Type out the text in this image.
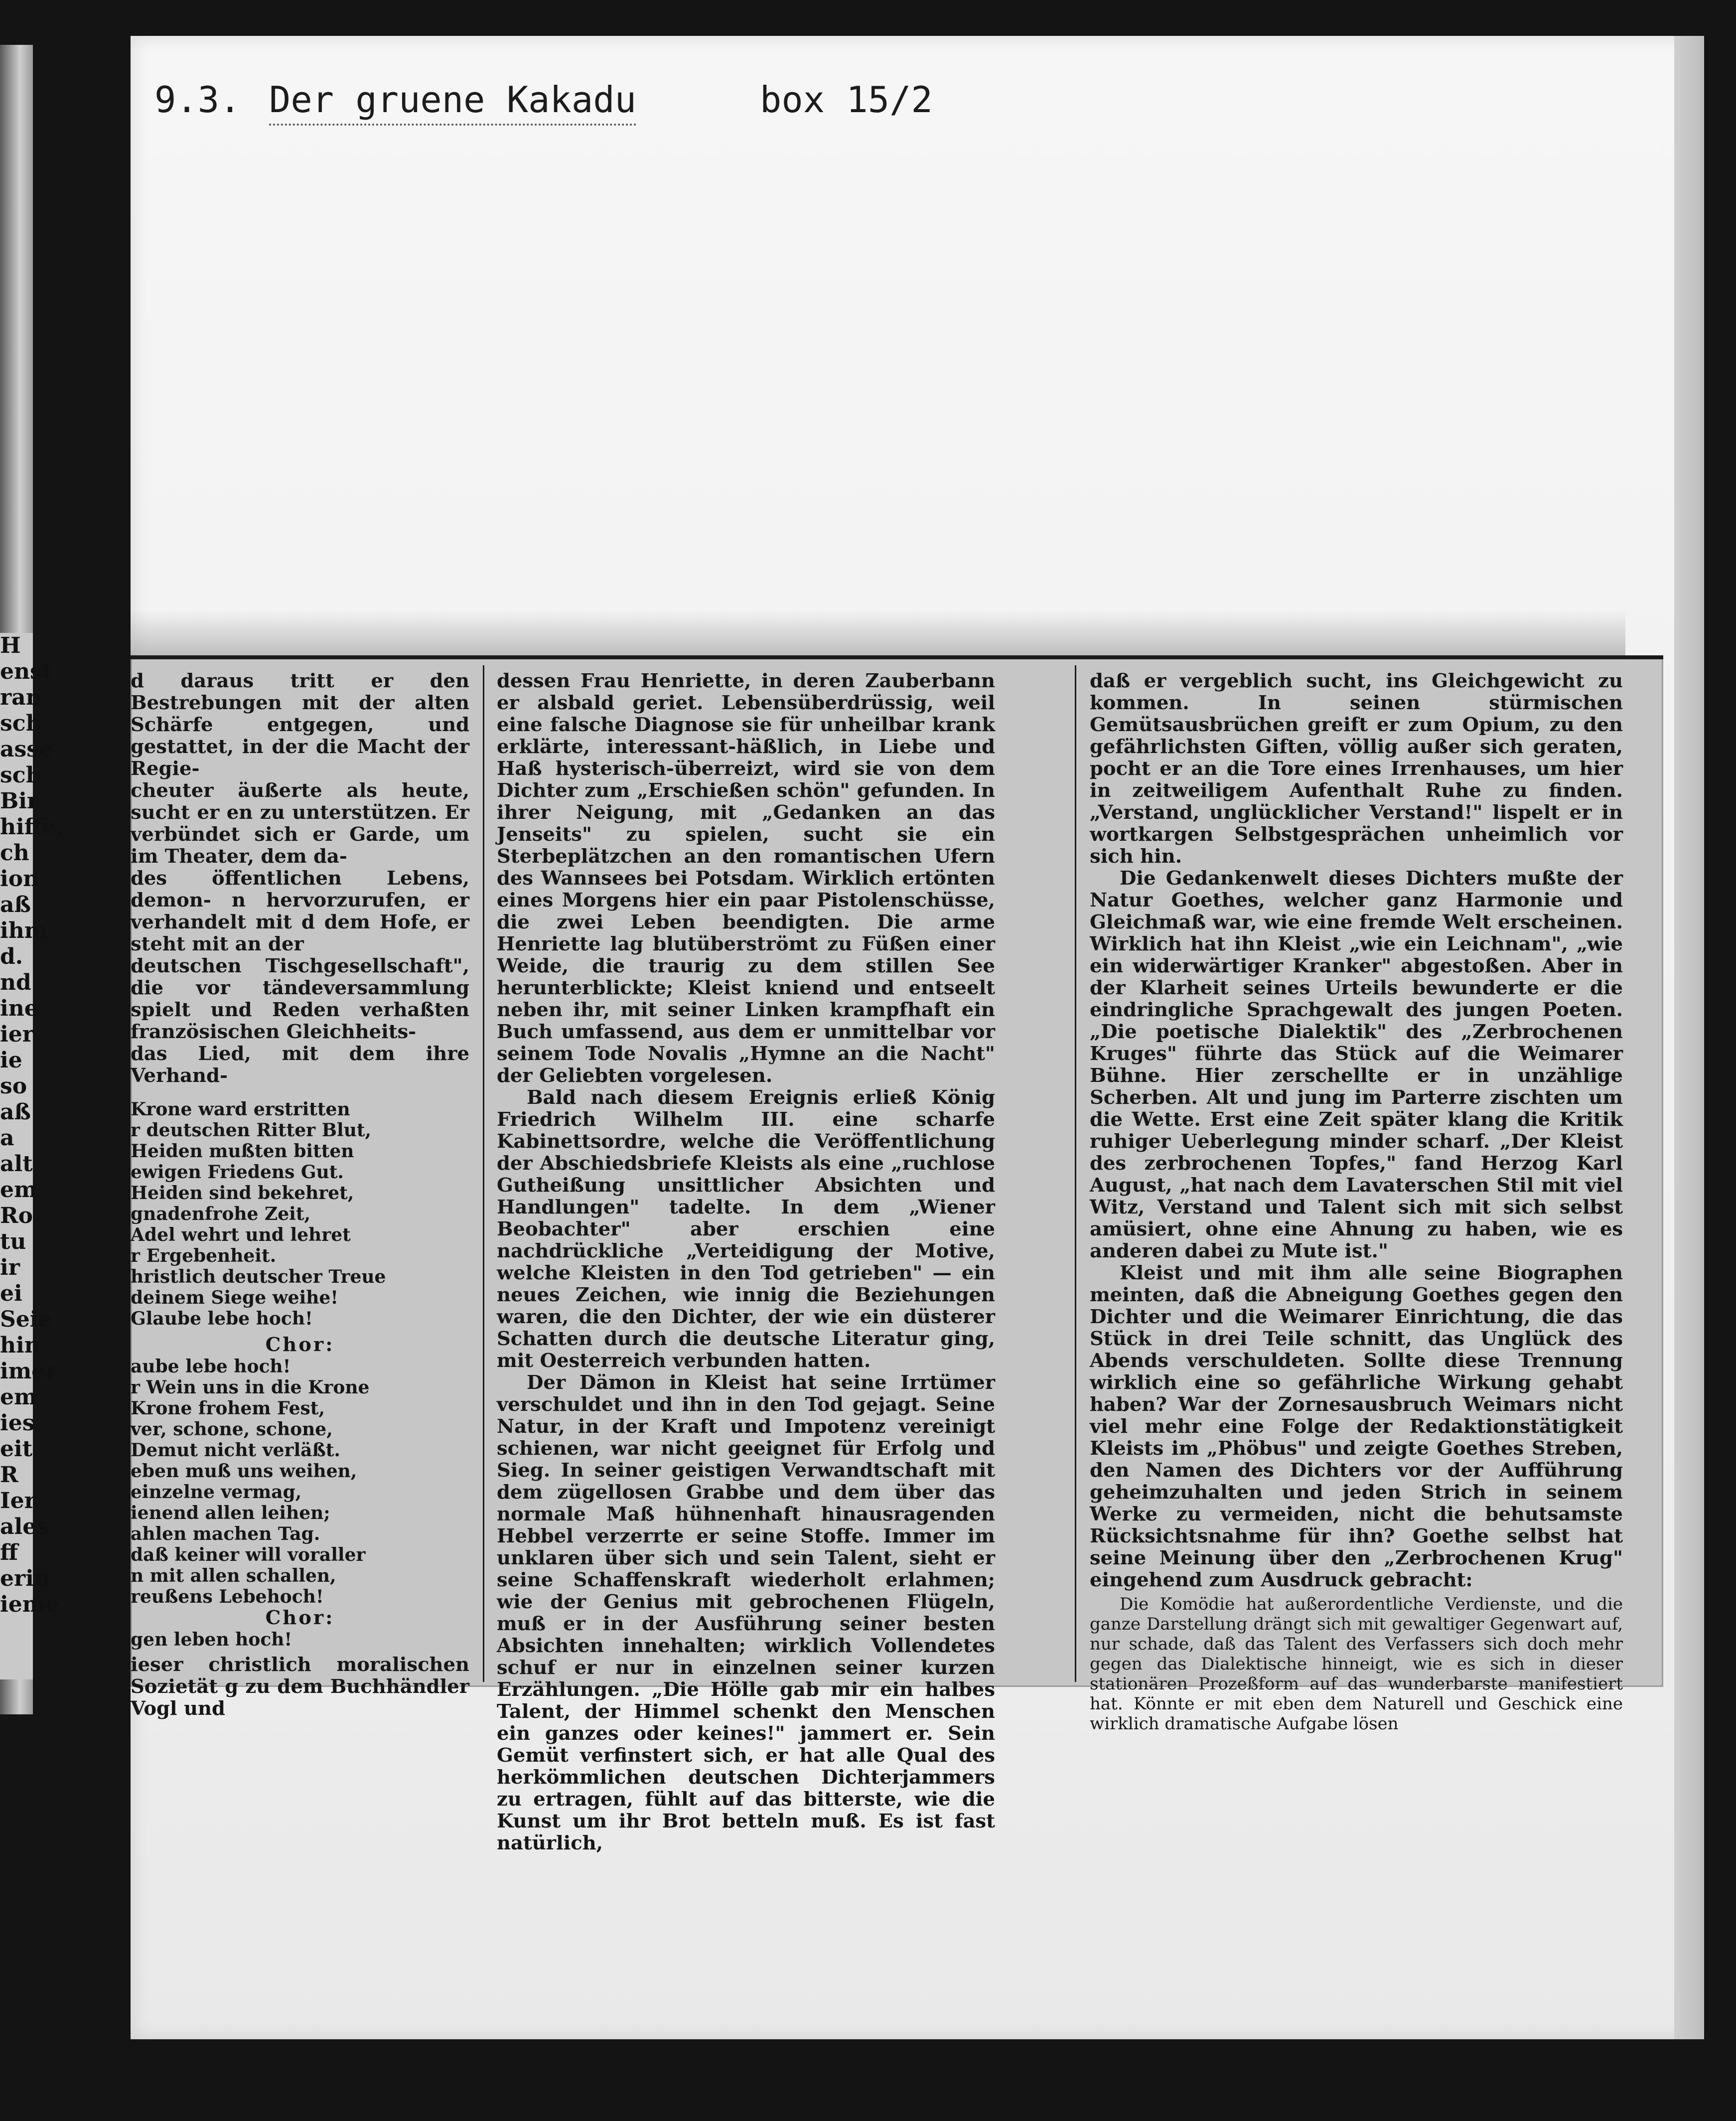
H
enst
ran
sch
asse
sch
Bir
hiffe,
ch
ion
aß
ihm
d.
nd
ine
ier
ie
so
aß
a
alt
em
Ro
tu
ir
ei
Seie
hin
imer
em
ies
eit
R
Ier
ales
ff
erin
ieme
9.3. Der gruene Kakadu	box 15/2

d daraus tritt er den Bestrebungen mit der alten Schärfe entgegen, und gestattet, in der die Macht der Regie-

cheuter äußerte als heute, sucht er en zu unterstützen. Er verbündet sich er Garde, um im Theater, dem da-

des öffentlichen Lebens, demon- n hervorzurufen, er verhandelt mit d dem Hofe, er steht mit an der

deutschen Tischgesellschaft", die vor tändeversammlung spielt und Reden verhaßten französischen Gleichheits-

das Lied, mit dem ihre Verhand-

Krone ward erstritten
r deutschen Ritter Blut,
Heiden mußten bitten
ewigen Friedens Gut.
Heiden sind bekehret,
gnadenfrohe Zeit,
Adel wehrt und lehret
r Ergebenheit.
hristlich deutscher Treue
deinem Siege weihe!
Glaube lebe hoch!
Chor:
aube lebe hoch!
r Wein uns in die Krone
Krone frohem Fest,
ver, schone, schone,
Demut nicht verläßt.
eben muß uns weihen,
einzelne vermag,
ienend allen leihen;
ahlen machen Tag.
daß keiner will voraller
n mit allen schallen,
reußens Lebehoch!
Chor:
gen leben hoch!

ieser christlich moralischen Sozietät g zu dem Buchhändler Vogl und

dessen Frau Henriette, in deren Zauberbann er alsbald geriet. Lebensüberdrüssig, weil eine falsche Diagnose sie für unheilbar krank erklärte, interessant-häßlich, in Liebe und Haß hysterisch-überreizt, wird sie von dem Dichter zum „Erschießen schön" gefunden. In ihrer Neigung, mit „Gedanken an das Jenseits" zu spielen, sucht sie ein Sterbeplätzchen an den romantischen Ufern des Wannsees bei Potsdam. Wirklich ertönten eines Morgens hier ein paar Pistolenschüsse, die zwei Leben beendigten. Die arme Henriette lag blutüberströmt zu Füßen einer Weide, die traurig zu dem stillen See herunterblickte; Kleist kniend und entseelt neben ihr, mit seiner Linken krampfhaft ein Buch umfassend, aus dem er unmittelbar vor seinem Tode Novalis „Hymne an die Nacht" der Geliebten vorgelesen.

Bald nach diesem Ereignis erließ König Friedrich Wilhelm III. eine scharfe Kabinettsordre, welche die Veröffentlichung der Abschiedsbriefe Kleists als eine „ruchlose Gutheißung unsittlicher Absichten und Handlungen" tadelte. In dem „Wiener Beobachter" aber erschien eine nachdrückliche „Verteidigung der Motive, welche Kleisten in den Tod getrieben" — ein neues Zeichen, wie innig die Beziehungen waren, die den Dichter, der wie ein düsterer Schatten durch die deutsche Literatur ging, mit Oesterreich verbunden hatten.

Der Dämon in Kleist hat seine Irrtümer verschuldet und ihn in den Tod gejagt. Seine Natur, in der Kraft und Impotenz vereinigt schienen, war nicht geeignet für Erfolg und Sieg. In seiner geistigen Verwandtschaft mit dem zügellosen Grabbe und dem über das normale Maß hühnenhaft hinausragenden Hebbel verzerrte er seine Stoffe. Immer im unklaren über sich und sein Talent, sieht er seine Schaffenskraft wiederholt erlahmen; wie der Genius mit gebrochenen Flügeln, muß er in der Ausführung seiner besten Absichten innehalten; wirklich Vollendetes schuf er nur in einzelnen seiner kurzen Erzählungen. „Die Hölle gab mir ein halbes Talent, der Himmel schenkt den Menschen ein ganzes oder keines!" jammert er. Sein Gemüt verfinstert sich, er hat alle Qual des herkömmlichen deutschen Dichterjammers zu ertragen, fühlt auf das bitterste, wie die Kunst um ihr Brot betteln muß. Es ist fast natürlich,

daß er vergeblich sucht, ins Gleichgewicht zu kommen. In seinen stürmischen Gemütsausbrüchen greift er zum Opium, zu den gefährlichsten Giften, völlig außer sich geraten, pocht er an die Tore eines Irrenhauses, um hier in zeitweiligem Aufenthalt Ruhe zu finden. „Verstand, unglücklicher Verstand!" lispelt er in wortkargen Selbstgesprächen unheimlich vor sich hin.

Die Gedankenwelt dieses Dichters mußte der Natur Goethes, welcher ganz Harmonie und Gleichmaß war, wie eine fremde Welt erscheinen. Wirklich hat ihn Kleist „wie ein Leichnam", „wie ein widerwärtiger Kranker" abgestoßen. Aber in der Klarheit seines Urteils bewunderte er die eindringliche Sprachgewalt des jungen Poeten. „Die poetische Dialektik" des „Zerbrochenen Kruges" führte das Stück auf die Weimarer Bühne. Hier zerschellte er in unzählige Scherben. Alt und jung im Parterre zischten um die Wette. Erst eine Zeit später klang die Kritik ruhiger Ueberlegung minder scharf. „Der Kleist des zerbrochenen Topfes," fand Herzog Karl August, „hat nach dem Lavaterschen Stil mit viel Witz, Verstand und Talent sich mit sich selbst amüsiert, ohne eine Ahnung zu haben, wie es anderen dabei zu Mute ist."

Kleist und mit ihm alle seine Biographen meinten, daß die Abneigung Goethes gegen den Dichter und die Weimarer Einrichtung, die das Stück in drei Teile schnitt, das Unglück des Abends verschuldeten. Sollte diese Trennung wirklich eine so gefährliche Wirkung gehabt haben? War der Zornesausbruch Weimars nicht viel mehr eine Folge der Redaktionstätigkeit Kleists im „Phöbus" und zeigte Goethes Streben, den Namen des Dichters vor der Aufführung geheimzuhalten und jeden Strich in seinem Werke zu vermeiden, nicht die behutsamste Rücksichtsnahme für ihn? Goethe selbst hat seine Meinung über den „Zerbrochenen Krug" eingehend zum Ausdruck gebracht:

Die Komödie hat außerordentliche Verdienste, und die ganze Darstellung drängt sich mit gewaltiger Gegenwart auf, nur schade, daß das Talent des Verfassers sich doch mehr gegen das Dialektische hinneigt, wie es sich in dieser stationären Prozeßform auf das wunderbarste manifestiert hat. Könnte er mit eben dem Naturell und Geschick eine wirklich dramatische Aufgabe lösen
